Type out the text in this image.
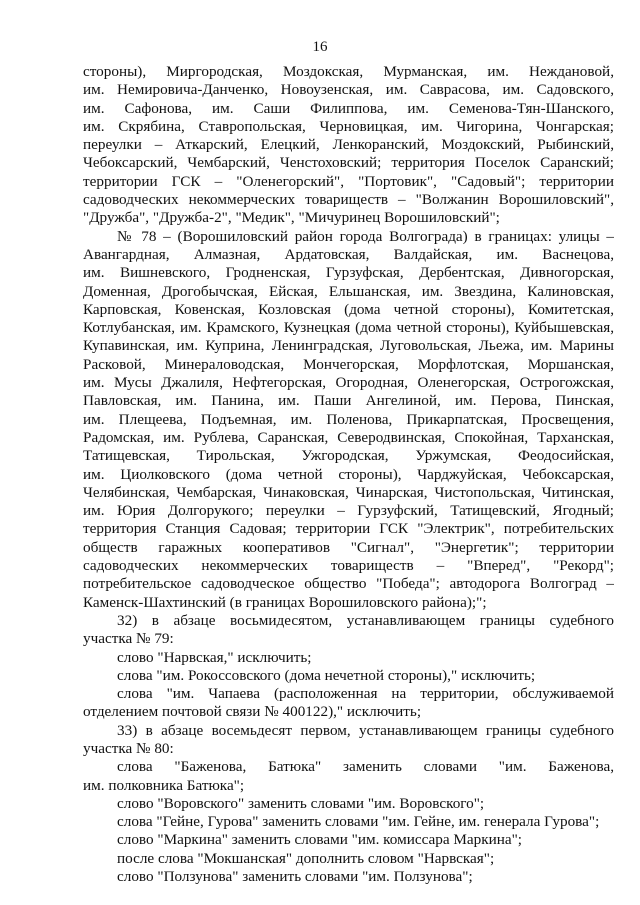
16
стороны), Миргородская, Моздокская, Мурманская, им. Неждановой,
им. Немировича-Данченко, Новоузенская, им. Саврасова, им. Садовского,
им. Сафонова, им. Саши Филиппова, им. Семенова-Тян-Шанского,
им. Скрябина, Ставропольская, Черновицкая, им. Чигорина, Чонгарская;
переулки – Аткарский, Елецкий, Ленкоранский, Моздокский, Рыбинский,
Чебоксарский, Чембарский, Ченстоховский; территория Поселок Саранский;
территории ГСК – "Оленегорский", "Портовик", "Садовый"; территории
садоводческих некоммерческих товариществ – "Волжанин Ворошиловский",
"Дружба", "Дружба-2", "Медик", "Мичуринец Ворошиловский";
№ 78 – (Ворошиловский район города Волгограда) в границах: улицы –
Авангардная, Алмазная, Ардатовская, Валдайская, им. Васнецова,
им. Вишневского, Гродненская, Гурзуфская, Дербентская, Дивногорская,
Доменная, Дрогобычская, Ейская, Ельшанская, им. Звездина, Калиновская,
Карповская, Ковенская, Козловская (дома четной стороны), Комитетская,
Котлубанская, им. Крамского, Кузнецкая (дома четной стороны), Куйбышевская,
Купавинская, им. Куприна, Ленинградская, Луговольская, Льежа, им. Марины
Расковой, Минераловодская, Мончегорская, Морфлотская, Моршанская,
им. Мусы Джалиля, Нефтегорская, Огородная, Оленегорская, Острогожская,
Павловская, им. Панина, им. Паши Ангелиной, им. Перова, Пинская,
им. Плещеева, Подъемная, им. Поленова, Прикарпатская, Просвещения,
Радомская, им. Рублева, Саранская, Северодвинская, Спокойная, Тарханская,
Татищевская, Тирольская, Ужгородская, Уржумская, Феодосийская,
им. Циолковского (дома четной стороны), Чарджуйская, Чебоксарская,
Челябинская, Чембарская, Чинаковская, Чинарская, Чистопольская, Читинская,
им. Юрия Долгорукого; переулки – Гурзуфский, Татищевский, Ягодный;
территория Станция Садовая; территории ГСК "Электрик", потребительских
обществ гаражных кооперативов "Сигнал", "Энергетик"; территории
садоводческих некоммерческих товариществ – "Вперед", "Рекорд";
потребительское садоводческое общество "Победа"; автодорога Волгоград –
Каменск-Шахтинский (в границах Ворошиловского района);";
32) в абзаце восьмидесятом, устанавливающем границы судебного
участка № 79:
слово "Нарвская," исключить;
слова "им. Рокоссовского (дома нечетной стороны)," исключить;
слова "им. Чапаева (расположенная на территории, обслуживаемой
отделением почтовой связи № 400122)," исключить;
33) в абзаце восемьдесят первом, устанавливающем границы судебного
участка № 80:
слова "Баженова, Батюка" заменить словами "им. Баженова,
им. полковника Батюка";
слово "Воровского" заменить словами "им. Воровского";
слова "Гейне, Гурова" заменить словами "им. Гейне, им. генерала Гурова";
слово "Маркина" заменить словами "им. комиссара Маркина";
после слова "Мокшанская" дополнить словом "Нарвская";
слово "Ползунова" заменить словами "им. Ползунова";
